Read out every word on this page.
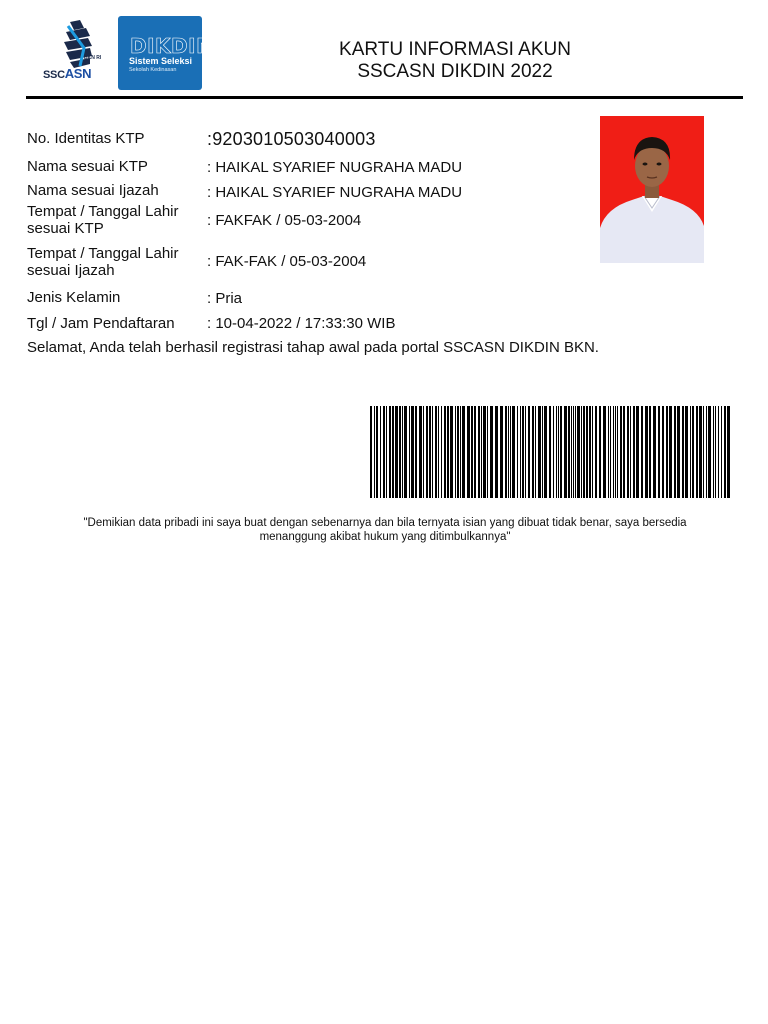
BKN RI
SSCASN
DIKDIN
Sistem Seleksi
Sekolah Kedinasan
KARTU INFORMASI AKUN
SSCASN DIKDIN 2022
No. Identitas KTP	:9203010503040003
Nama sesuai KTP	: HAIKAL SYARIEF NUGRAHA MADU
Nama sesuai Ijazah	: HAIKAL SYARIEF NUGRAHA MADU
Tempat / Tanggal Lahir sesuai KTP	: FAKFAK / 05-03-2004
Tempat / Tanggal Lahir sesuai Ijazah
: FAK-FAK / 05-03-2004
Jenis Kelamin	: Pria
Tgl / Jam Pendaftaran : 10-04-2022 / 17:33:30 WIB
Selamat, Anda telah berhasil registrasi tahap awal pada portal SSCASN DIKDIN BKN.
"Demikian data pribadi ini saya buat dengan sebenarnya dan bila ternyata isian yang dibuat tidak benar, saya bersedia
menanggung akibat hukum yang ditimbulkannya"
